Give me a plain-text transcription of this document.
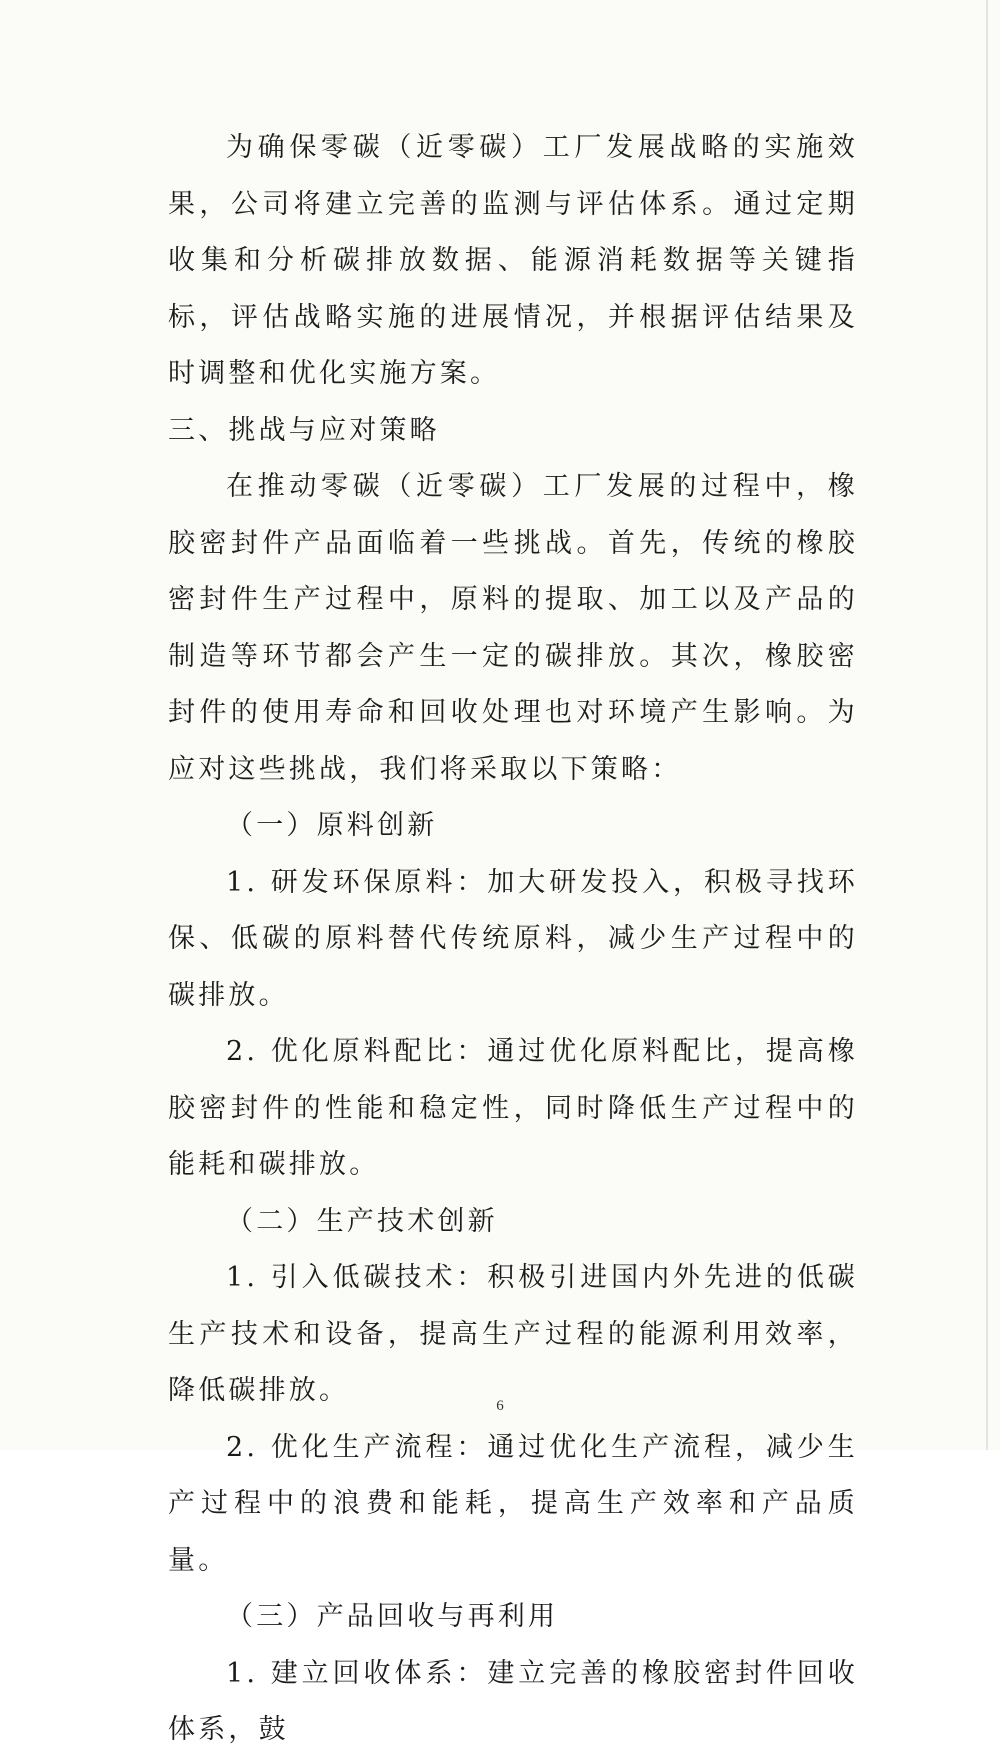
为确保零碳（近零碳）工厂发展战略的实施效果，公司将建立完善的监测与评估体系。通过定期收集和分析碳排放数据、能源消耗数据等关键指标，评估战略实施的进展情况，并根据评估结果及时调整和优化实施方案。

三、挑战与应对策略

在推动零碳（近零碳）工厂发展的过程中，橡胶密封件产品面临着一些挑战。首先，传统的橡胶密封件生产过程中，原料的提取、加工以及产品的制造等环节都会产生一定的碳排放。其次，橡胶密封件的使用寿命和回收处理也对环境产生影响。为应对这些挑战，我们将采取以下策略：

（一）原料创新

1. 研发环保原料：加大研发投入，积极寻找环保、低碳的原料替代传统原料，减少生产过程中的碳排放。

2. 优化原料配比：通过优化原料配比，提高橡胶密封件的性能和稳定性，同时降低生产过程中的能耗和碳排放。

（二）生产技术创新

1. 引入低碳技术：积极引进国内外先进的低碳生产技术和设备，提高生产过程的能源利用效率，降低碳排放。

2. 优化生产流程：通过优化生产流程，减少生产过程中的浪费和能耗，提高生产效率和产品质量。

（三）产品回收与再利用

1. 建立回收体系：建立完善的橡胶密封件回收体系，鼓

6
